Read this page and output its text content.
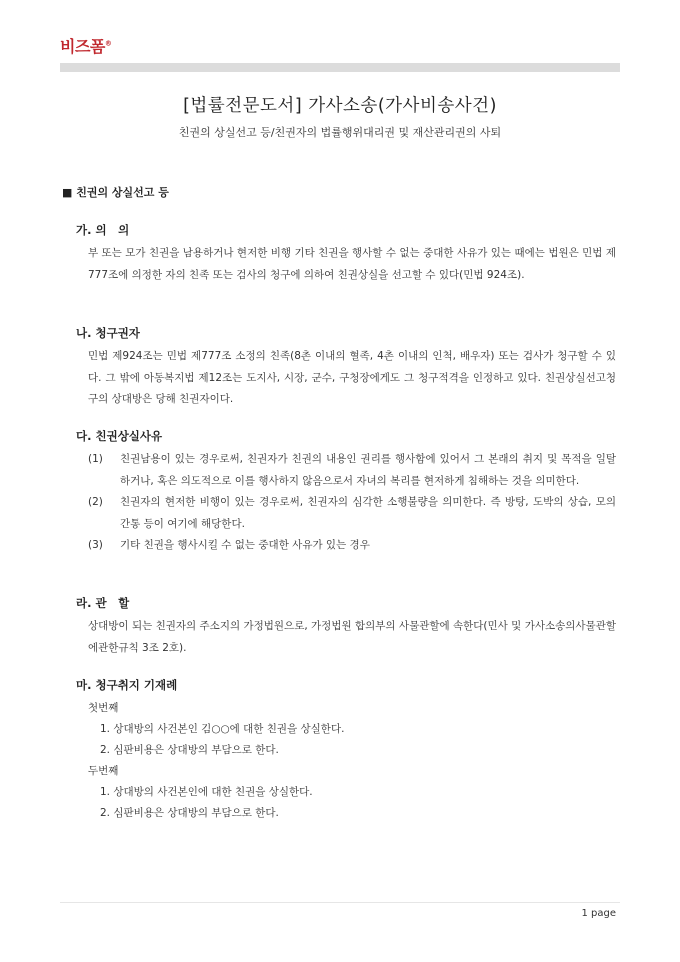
비즈폼®
[법률전문도서] 가사소송(가사비송사건)
친권의 상실선고 등/친권자의 법률행위대리권 및 재산관리권의 사퇴
■ 친권의 상실선고 등
가. 의　의

부 또는 모가 친권을 남용하거나 현저한 비행 기타 친권을 행사할 수 없는 중대한 사유가 있는 때에는 법원은 민법 제777조에 의정한 자의 친족 또는 검사의 청구에 의하여 친권상실을 선고할 수 있다(민법 924조).

나. 청구권자

민법 제924조는 민법 제777조 소정의 친족(8촌 이내의 혈족, 4촌 이내의 인척, 배우자) 또는 검사가 청구할 수 있다. 그 밖에 아동복지법 제12조는 도지사, 시장, 군수, 구청장에게도 그 청구적격을 인정하고 있다. 친권상실선고청구의 상대방은 당해 친권자이다.

다. 친권상실사유
(1) 친권남용이 있는 경우로써, 친권자가 친권의 내용인 권리를 행사함에 있어서 그 본래의 취지 및 목적을 일탈하거나, 혹은 의도적으로 이를 행사하지 않음으로서 자녀의 복리를 현저하게 침해하는 것을 의미한다.
(2) 친권자의 현저한 비행이 있는 경우로써, 친권자의 심각한 소행불량을 의미한다. 즉 방탕, 도박의 상습, 모의 간통 등이 여기에 해당한다.
(3) 기타 친권을 행사시킬 수 없는 중대한 사유가 있는 경우
라. 관　할

상대방이 되는 친권자의 주소지의 가정법원으로, 가정법원 합의부의 사물관할에 속한다(민사 및 가사소송의사물관할에관한규칙 3조 2호).

마. 청구취지 기재례
첫번째
1. 상대방의 사건본인 김○○에 대한 친권을 상실한다.
2. 심판비용은 상대방의 부담으로 한다.
두번째
1. 상대방의 사건본인에 대한 친권을 상실한다.
2. 심판비용은 상대방의 부담으로 한다.
1 page
